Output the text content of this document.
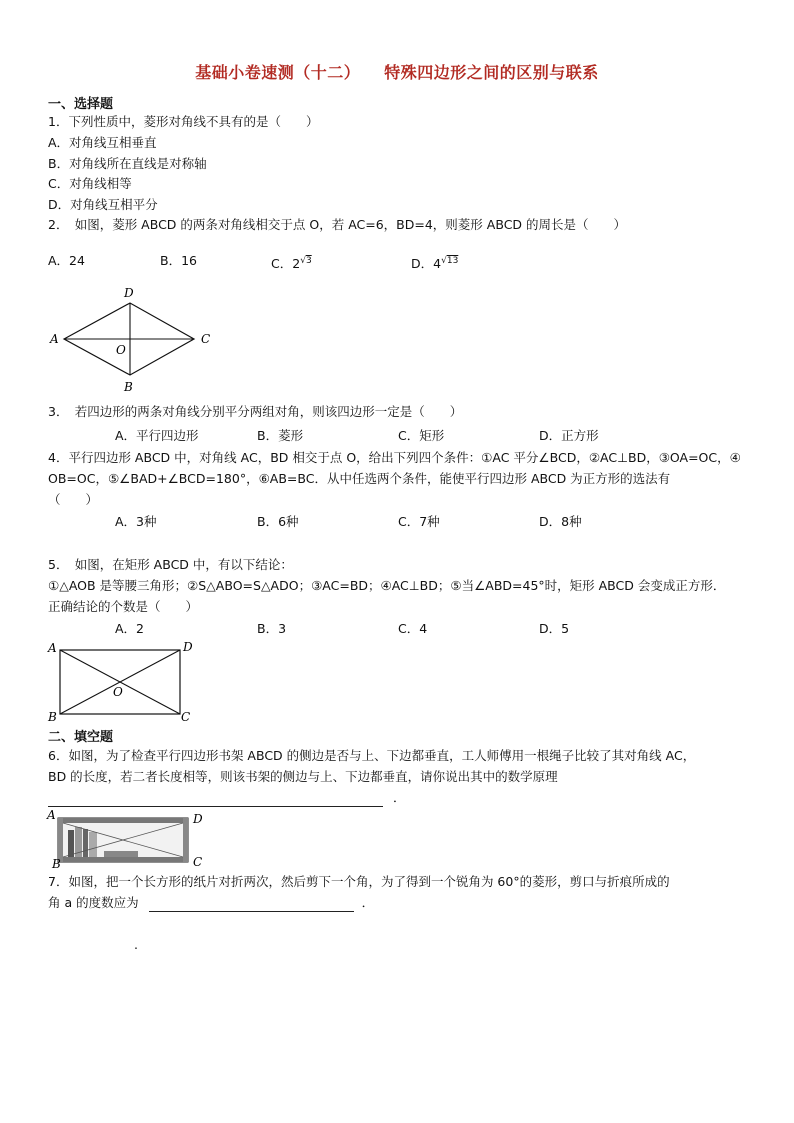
基础小卷速测（十二） 特殊四边形之间的区别与联系
一、选择题
1．下列性质中，菱形对角线不具有的是（　　）
A．对角线互相垂直
B．对角线所在直线是对称轴
C．对角线相等
D．对角线互相平分
2．　如图，菱形 ABCD 的两条对角线相交于点 O，若 AC=6，BD=4，则菱形 ABCD 的周长是（　　）
A．24	B．16	C．$2^{√3}$	D．$4^{√13}$
A
D
C
B
O
3．　若四边形的两条对角线分别平分两组对角，则该四边形一定是（　　）
A．平行四边形	B．菱形	C．矩形	D．正方形
4．平行四边形 ABCD 中，对角线 AC，BD 相交于点 O，给出下列四个条件：①AC 平分∠BCD，②AC⊥BD，③OA=OC，④
OB=OC，⑤∠BAD+∠BCD=180°，⑥AB=BC．从中任选两个条件，能使平行四边形 ABCD 为正方形的选法有
（　　）
A．3种	B．6种	C．7种	D．8种
5．　如图，在矩形 ABCD 中，有以下结论：
①△AOB 是等腰三角形；②S△ABO=S△ADO；③AC=BD；④AC⊥BD；⑤当∠ABD=45°时，矩形 ABCD 会变成正方形．
正确结论的个数是（　　）
A．2	B．3	C．4	D．5
A	D
B	C
O
二、填空题
6．如图，为了检查平行四边形书架 ABCD 的侧边是否与上、下边都垂直，工人师傅用一根绳子比较了其对角线 AC，
BD 的长度，若二者长度相等，则该书架的侧边与上、下边都垂直，请你说出其中的数学原理
．
A	D
B	C
7．如图，把一个长方形的纸片对折两次，然后剪下一个角，为了得到一个锐角为 60°的菱形，剪口与折痕所成的
角 a 的度数应为	．
.
